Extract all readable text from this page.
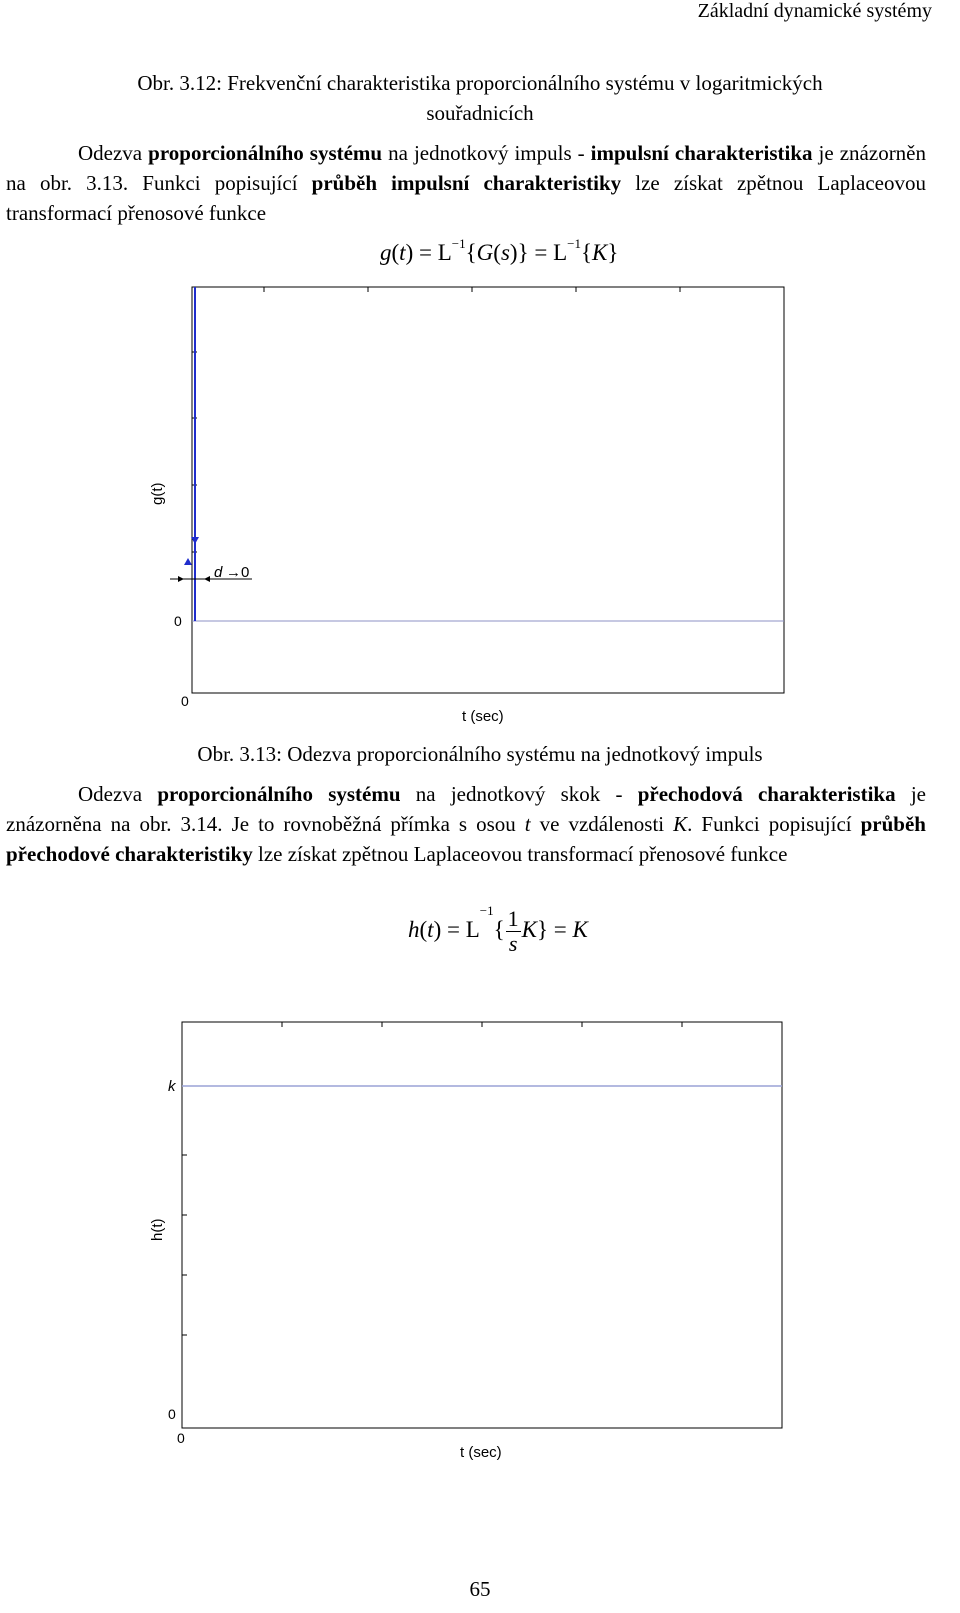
Základní dynamické systémy
Obr. 3.12: Frekvenční charakteristika proporcionálního systému v logaritmických
souřadnicích
Odezva proporcionálního systému na jednotkový impuls - impulsní charakteristika je znázorněn na obr. 3.13. Funkci popisující průběh impulsní charakteristiky lze získat zpětnou Laplaceovou transformací přenosové funkce
$g(t) = L^{-1}\{G(s)\} = L^{-1}\{K\}$
d →0
0
0
t (sec)
g(t)
Obr. 3.13: Odezva proporcionálního systému na jednotkový impuls
Odezva proporcionálního systému na jednotkový skok - přechodová charakteristika je znázorněna na obr. 3.14. Je to rovnoběžná přímka s osou t ve vzdálenosti K. Funkci popisující průběh přechodové charakteristiky lze získat zpětnou Laplaceovou transformací přenosové funkce
$h(t) = L^{-1}\{ \frac{1}{s} K\} = K$
k
0
0
t (sec)
h(t)
65
